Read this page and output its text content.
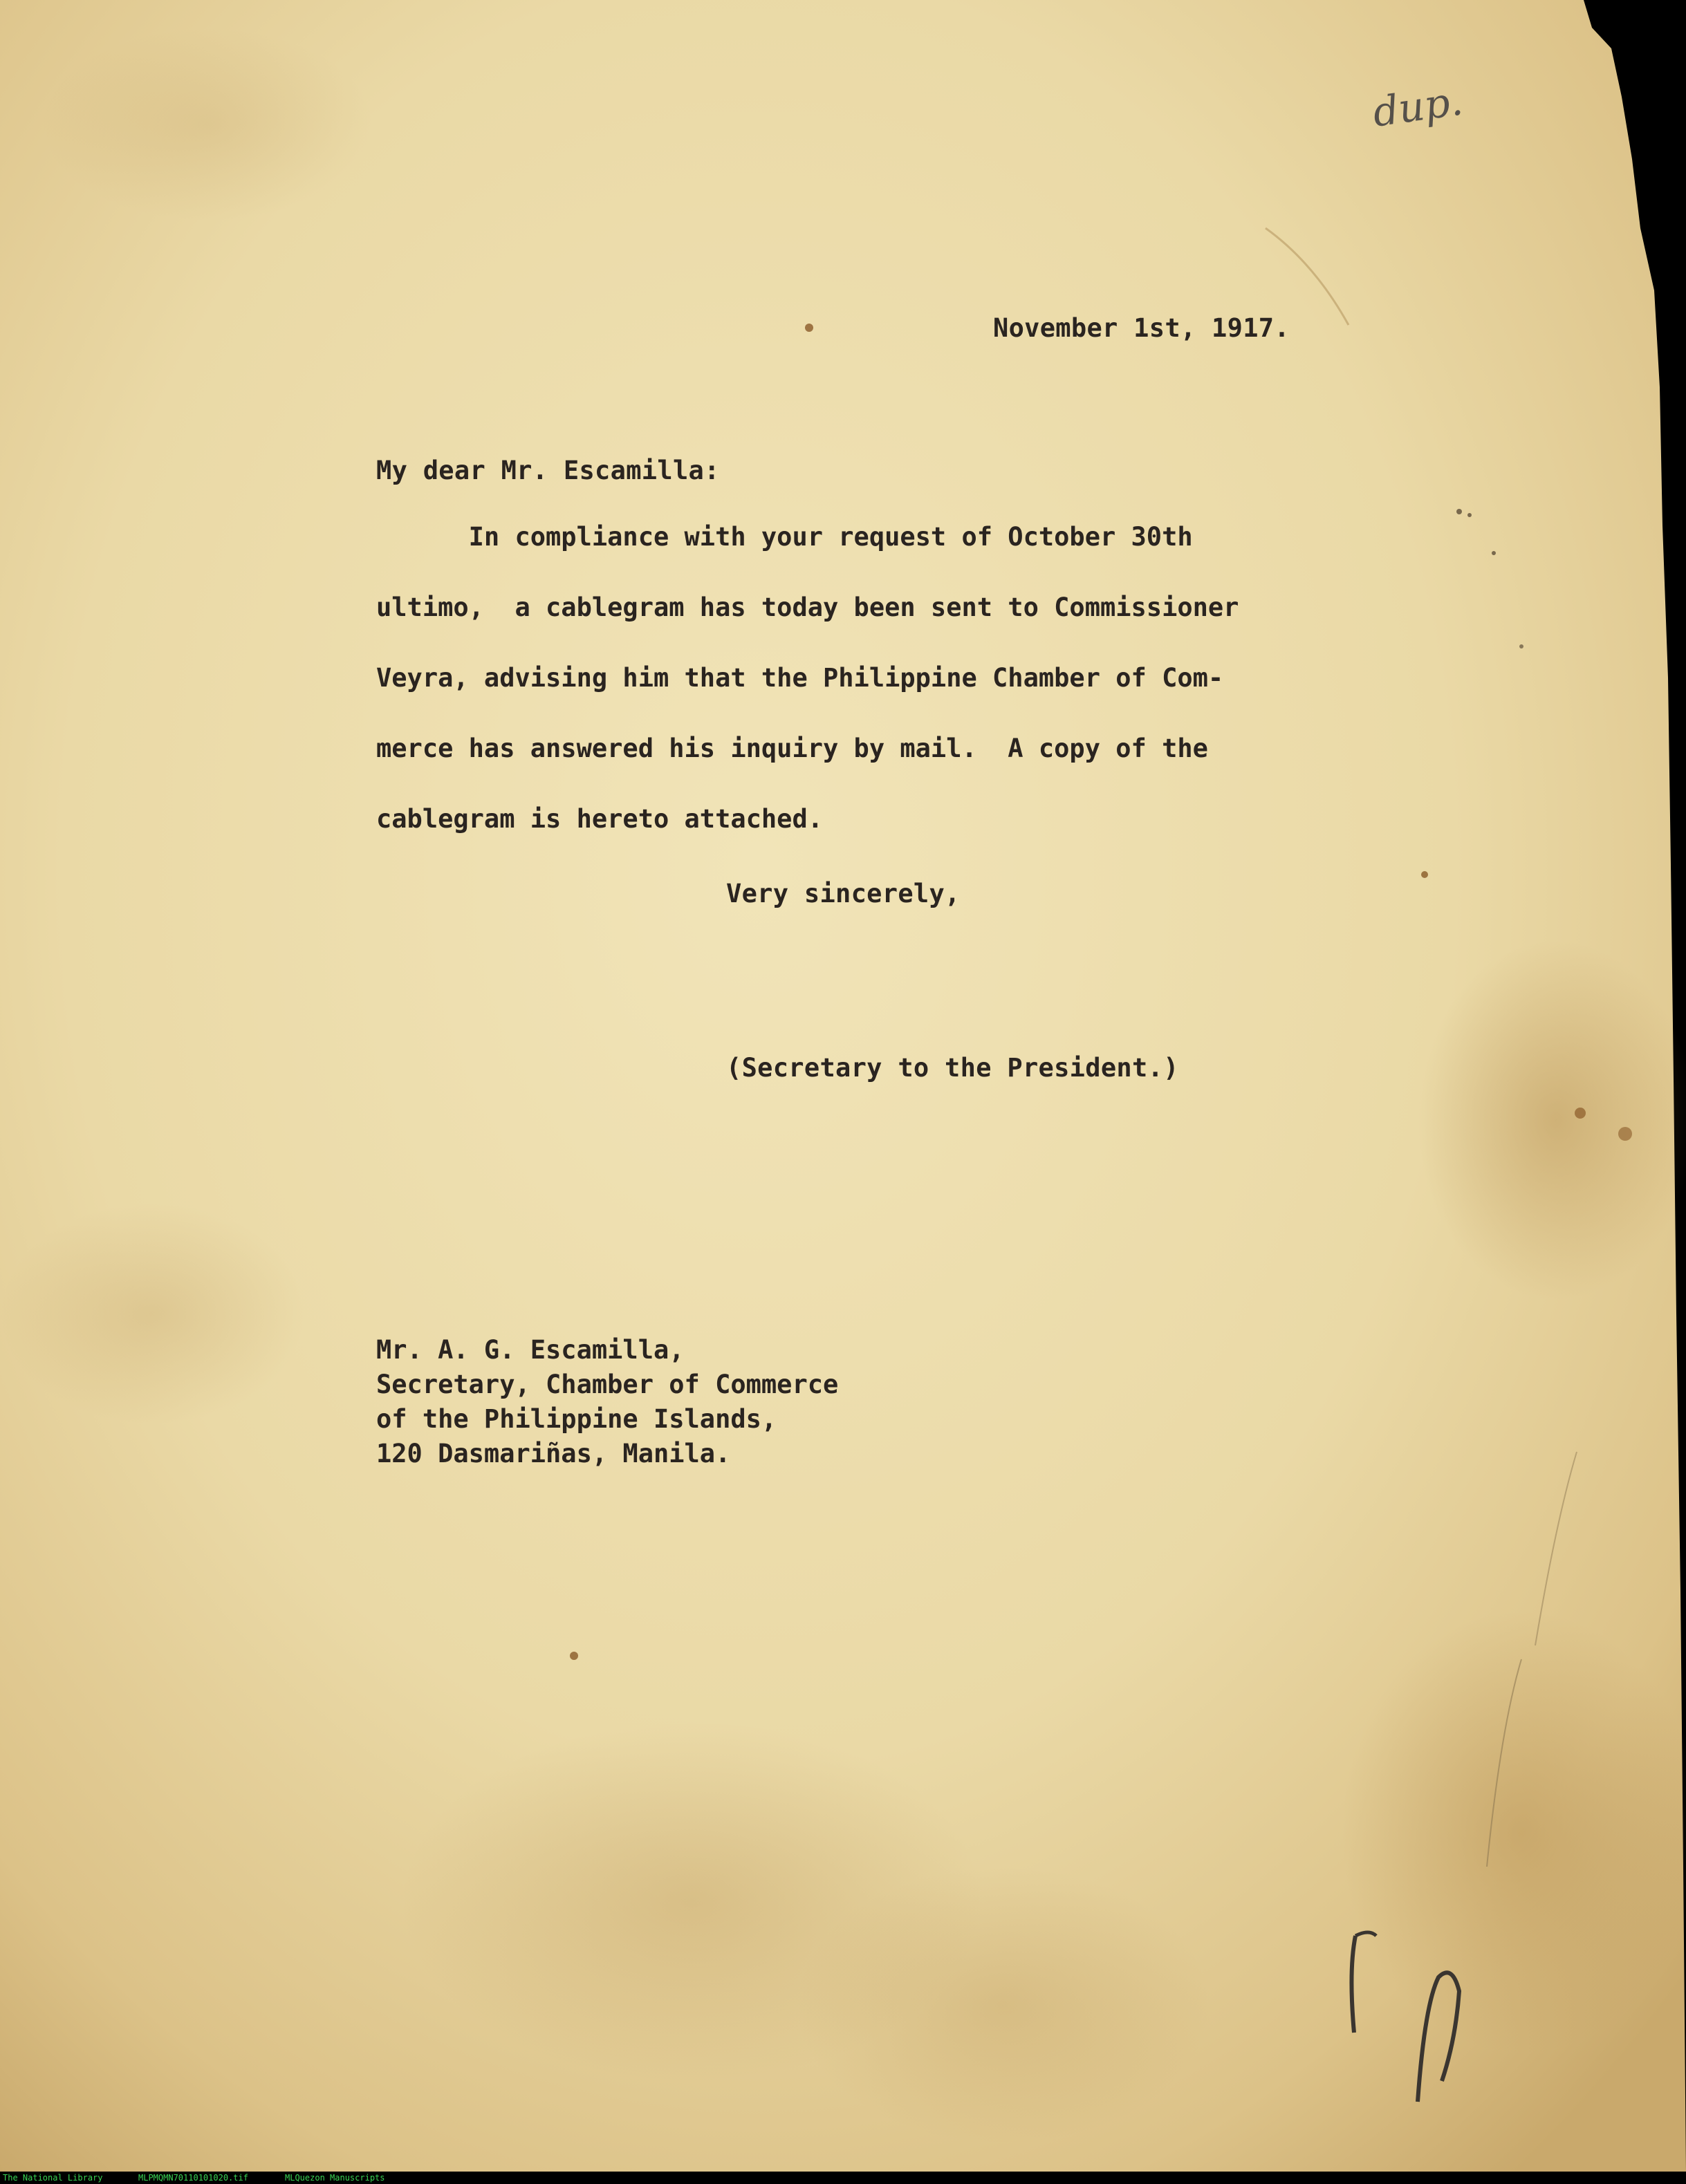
dup.

November 1st, 1917.

My dear Mr. Escamilla:

In compliance with your request of October 30th
ultimo,  a cablegram has today been sent to Commissioner
Veyra, advising him that the Philippine Chamber of Com-
merce has answered his inquiry by mail.  A copy of the
cablegram is hereto attached.

Very sincerely,

(Secretary to the President.)

Mr. A. G. Escamilla,
Secretary, Chamber of Commerce
of the Philippine Islands,
120 Dasmariñas, Manila.
The National Library	MLPMQMN70110101020.tif	MLQuezon Manuscripts
